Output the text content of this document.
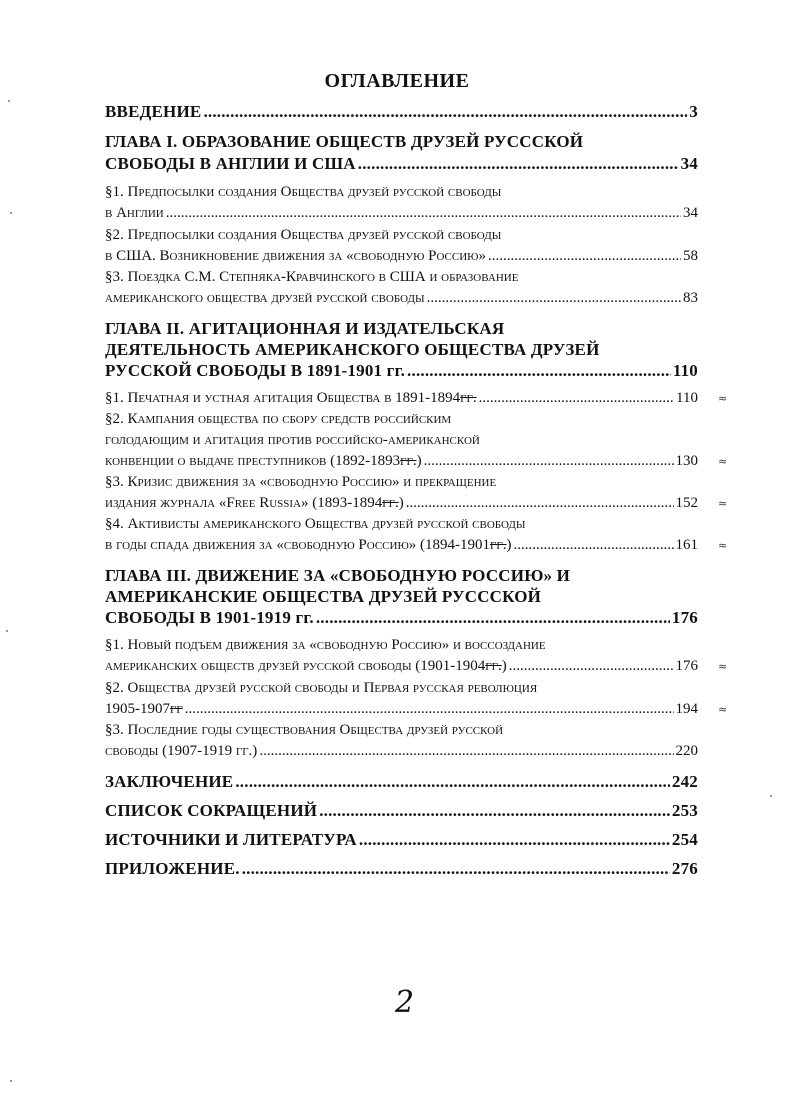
ОГЛАВЛЕНИЕ
ВВЕДЕНИЕ .....	3
ГЛАВА I. ОБРАЗОВАНИЕ ОБЩЕСТВ ДРУЗЕЙ РУСССКОЙ
СВОБОДЫ В АНГЛИИ И США .....	34
§1. Предпосылки создания Общества друзей русской свободы
в Англии .....	34
§2. Предпосылки создания Общества друзей русской свободы
в США. Возникновение движения за «свободную Россию» .....	58
§3. Поездка С.М. Степняка-Кравчинского в США и образование
американского общества друзей русской свободы .....	83
ГЛАВА II. АГИТАЦИОННАЯ И ИЗДАТЕЛЬСКАЯ
ДЕЯТЕЛЬНОСТЬ АМЕРИКАНСКОГО ОБЩЕСТВА ДРУЗЕЙ
РУССКОЙ СВОБОДЫ В 1891-1901 гг. .....	110
§1. Печатная и устная агитация Общества в 1891-1894гг. .....	110
§2. Кампания общества по сбору средств российским
голодающим и агитация против российско-американской
конвенции о выдаче преступников (1892-1893гг.) .....	130
§3. Кризис движения за «свободную Россию» и прекращение
издания журнала «Free Russia» (1893-1894гг.) .....	152
§4. Активисты американского Общества друзей русской свободы
в годы спада движения за «свободную Россию» (1894-1901гг.) .....	161
ГЛАВА III. ДВИЖЕНИЕ ЗА «СВОБОДНУЮ РОССИЮ» И
АМЕРИКАНСКИЕ ОБЩЕСТВА ДРУЗЕЙ РУСССКОЙ
СВОБОДЫ В 1901-1919 гг. .....	176
§1. Новый подъем движения за «свободную Россию» и воссоздание
американских обществ друзей русской свободы (1901-1904гг.) .....	176
§2. Общества друзей русской свободы и Первая русская революция
1905-1907гг .....	194
§3. Последние годы существования Общества друзей русской
свободы (1907-1919 гг.) .....	220
ЗАКЛЮЧЕНИЕ .....	242
СПИСОК СОКРАЩЕНИЙ .....	253
ИСТОЧНИКИ И ЛИТЕРАТУРА .....	254
ПРИЛОЖЕНИЕ. .....	276
≈
≈
≈
≈
≈
≈
2
